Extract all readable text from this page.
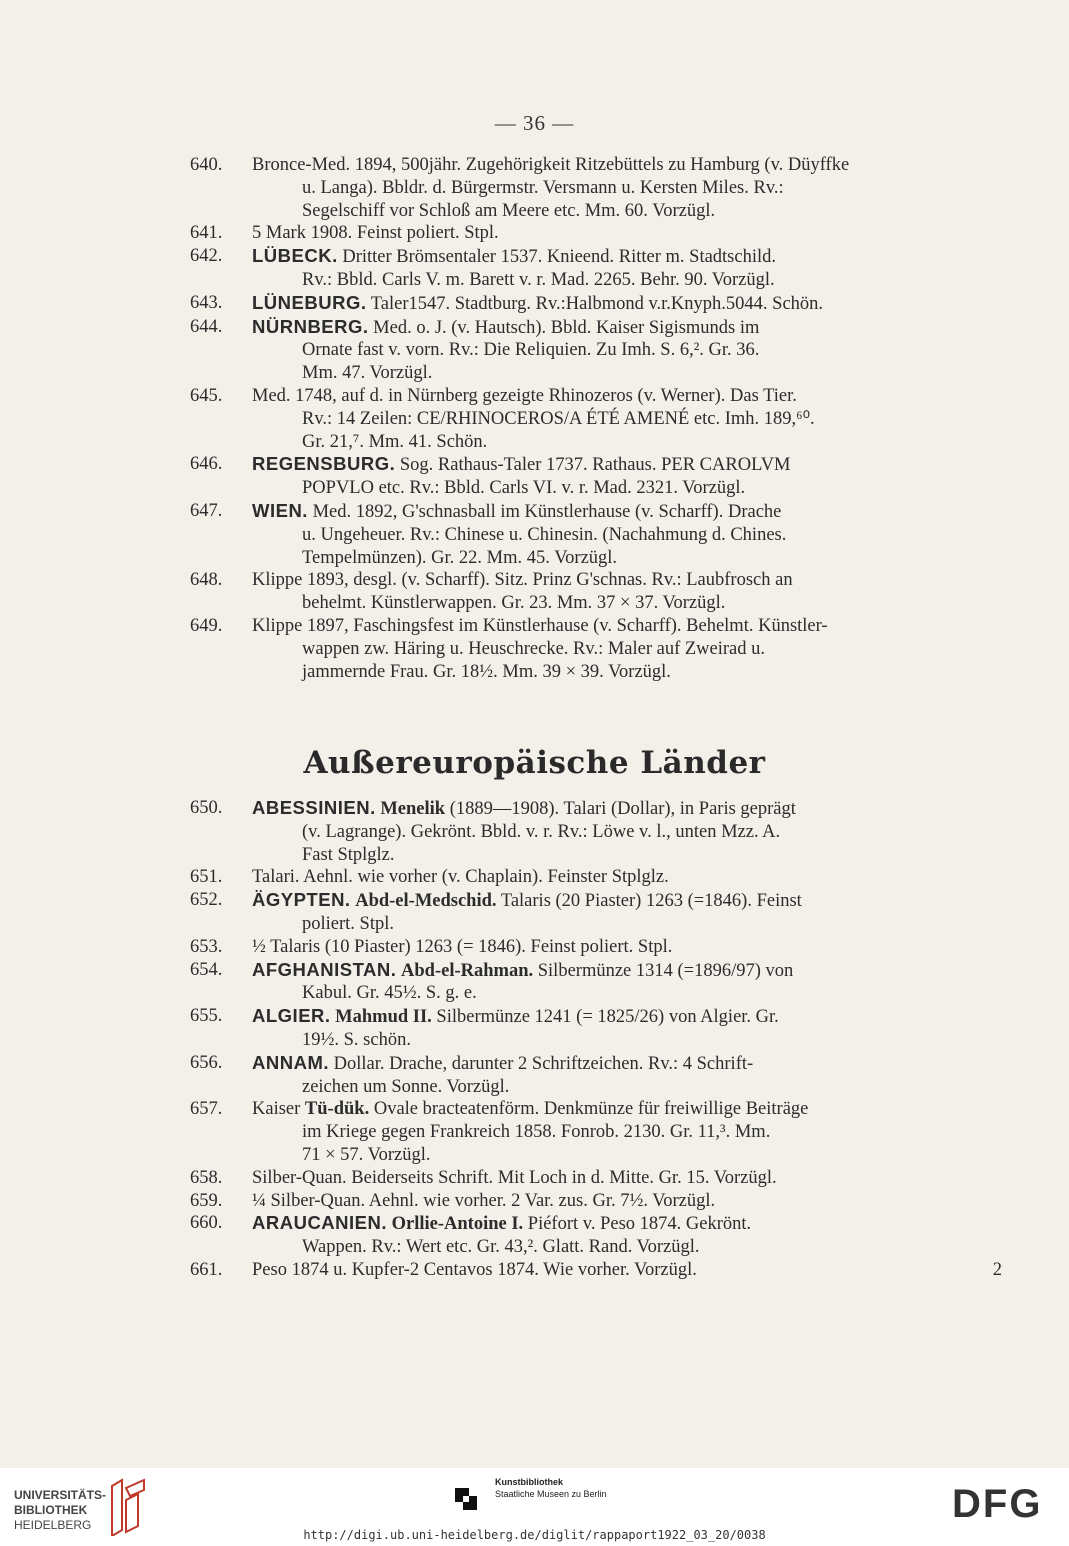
— 36 —
640.	Bronce-Med. 1894, 500jähr. Zugehörigkeit Ritzebüttels zu Hamburg (v. Düyffke
u. Langa). Bbldr. d. Bürgermstr. Versmann u. Kersten Miles. Rv.:
Segelschiff vor Schloß am Meere etc. Mm. 60. Vorzügl.
641.	5 Mark 1908. Feinst poliert. Stpl.
642.	LÜBECK. Dritter Brömsentaler 1537. Knieend. Ritter m. Stadtschild.
Rv.: Bbld. Carls V. m. Barett v. r. Mad. 2265. Behr. 90. Vorzügl.
643.	LÜNEBURG. Taler1547. Stadtburg. Rv.:Halbmond v.r.Knyph.5044. Schön.
644.	NÜRNBERG. Med. o. J. (v. Hautsch). Bbld. Kaiser Sigismunds im
Ornate fast v. vorn. Rv.: Die Reliquien. Zu Imh. S. 6,². Gr. 36.
Mm. 47. Vorzügl.
645.	Med. 1748, auf d. in Nürnberg gezeigte Rhinozeros (v. Werner). Das Tier.
Rv.: 14 Zeilen: CE/RHINOCEROS/A ÉTÉ AMENÉ etc. Imh. 189,⁶⁰.
Gr. 21,⁷. Mm. 41. Schön.
646.	REGENSBURG. Sog. Rathaus-Taler 1737. Rathaus. PER CAROLVM
POPVLO etc. Rv.: Bbld. Carls VI. v. r. Mad. 2321. Vorzügl.
647.	WIEN. Med. 1892, G'schnasball im Künstlerhause (v. Scharff). Drache
u. Ungeheuer. Rv.: Chinese u. Chinesin. (Nachahmung d. Chines.
Tempelmünzen). Gr. 22. Mm. 45. Vorzügl.
648.	Klippe 1893, desgl. (v. Scharff). Sitz. Prinz G'schnas. Rv.: Laubfrosch an
behelmt. Künstlerwappen. Gr. 23. Mm. 37 × 37. Vorzügl.
649.	Klippe 1897, Faschingsfest im Künstlerhause (v. Scharff). Behelmt. Künstler-
wappen zw. Häring u. Heuschrecke. Rv.: Maler auf Zweirad u.
jammernde Frau. Gr. 18½. Mm. 39 × 39. Vorzügl.
Außereuropäische Länder
650.	ABESSINIEN. Menelik (1889—1908). Talari (Dollar), in Paris geprägt
(v. Lagrange). Gekrönt. Bbld. v. r. Rv.: Löwe v. l., unten Mzz. A.
Fast Stplglz.
651.	Talari. Aehnl. wie vorher (v. Chaplain). Feinster Stplglz.
652.	ÄGYPTEN. Abd-el-Medschid. Talaris (20 Piaster) 1263 (=1846). Feinst
poliert. Stpl.
653.	½ Talaris (10 Piaster) 1263 (= 1846). Feinst poliert. Stpl.
654.	AFGHANISTAN. Abd-el-Rahman. Silbermünze 1314 (=1896/97) von
Kabul. Gr. 45½. S. g. e.
655.	ALGIER. Mahmud II. Silbermünze 1241 (= 1825/26) von Algier. Gr.
19½. S. schön.
656.	ANNAM. Dollar. Drache, darunter 2 Schriftzeichen. Rv.: 4 Schrift-
zeichen um Sonne. Vorzügl.
657.	Kaiser Tü-dük. Ovale bracteatenförm. Denkmünze für freiwillige Beiträge
im Kriege gegen Frankreich 1858. Fonrob. 2130. Gr. 11,³. Mm.
71 × 57. Vorzügl.
658.	Silber-Quan. Beiderseits Schrift. Mit Loch in d. Mitte. Gr. 15. Vorzügl.
659.	¼ Silber-Quan. Aehnl. wie vorher. 2 Var. zus. Gr. 7½. Vorzügl.
660.	ARAUCANIEN. Orllie-Antoine I. Piéfort v. Peso 1874. Gekrönt.
Wappen. Rv.: Wert etc. Gr. 43,². Glatt. Rand. Vorzügl.
661.	Peso 1874 u. Kupfer-2 Centavos 1874. Wie vorher. Vorzügl.	2
UNIVERSITÄTS-
BIBLIOTHEK
HEIDELBERG
Kunstbibliothek
Staatliche Museen zu Berlin	DFG
http://digi.ub.uni-heidelberg.de/diglit/rappaport1922_03_20/0038
